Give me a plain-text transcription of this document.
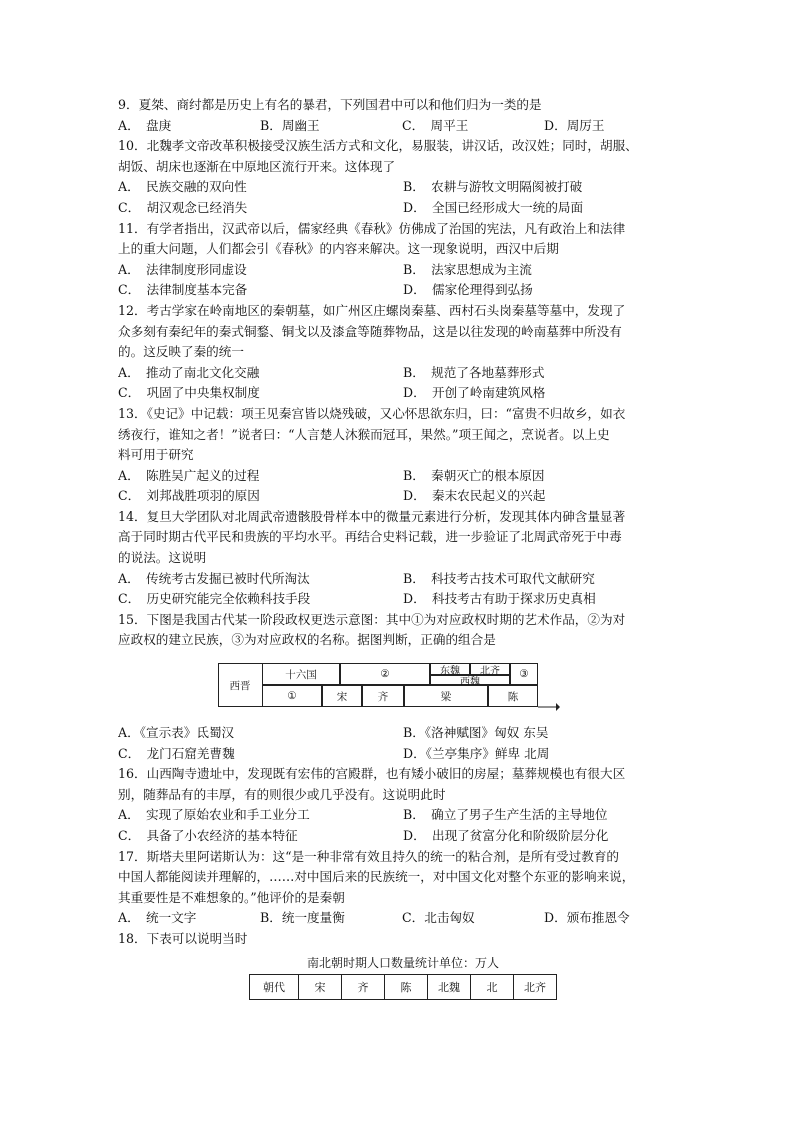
9．夏桀、商纣都是历史上有名的暴君，下列国君中可以和他们归为一类的是
A．　盘庚	B．周幽王	C．　周平王	D．周厉王
10．北魏孝文帝改革积极接受汉族生活方式和文化，易服装，讲汉话，改汉姓；同时，胡服、
胡饭、胡床也逐渐在中原地区流行开来。这体现了
A．　民族交融的双向性	B．　农耕与游牧文明隔阂被打破
C．　胡汉观念已经消失	D．　全国已经形成大一统的局面
11．有学者指出，汉武帝以后，儒家经典《春秋》仿佛成了治国的宪法，凡有政治上和法律
上的重大问题，人们都会引《春秋》的内容来解决。这一现象说明，西汉中后期
A．　法律制度形同虚设	B．　法家思想成为主流
C．　法律制度基本完备	D．　儒家伦理得到弘扬
12．考古学家在岭南地区的秦朝墓，如广州区庄螺岗秦墓、西村石头岗秦墓等墓中，发现了
众多刻有秦纪年的秦式铜鍪、铜戈以及漆盒等随葬物品，这是以往发现的岭南墓葬中所没有
的。这反映了秦的统一
A．　推动了南北文化交融	B．　规范了各地墓葬形式
C．　巩固了中央集权制度	D．　开创了岭南建筑风格
13．《史记》中记载：项王见秦宫皆以烧残破，又心怀思欲东归，曰：“富贵不归故乡，如衣
绣夜行，谁知之者！”说者曰：“人言楚人沐猴而冠耳，果然。”项王闻之，烹说者。以上史
料可用于研究
A．　陈胜吴广起义的过程	B．　秦朝灭亡的根本原因
C．　刘邦战胜项羽的原因	D．　秦末农民起义的兴起
14．复旦大学团队对北周武帝遗骸股骨样本中的微量元素进行分析，发现其体内砷含量显著
高于同时期古代平民和贵族的平均水平。再结合史料记载，进一步验证了北周武帝死于中毒
的说法。这说明
A．　传统考古发掘已被时代所淘汰	B．　科技考古技术可取代文献研究
C．　历史研究能完全依赖科技手段	D．　科技考古有助于探求历史真相
15．下图是我国古代某一阶段政权更迭示意图：其中①为对应政权时期的艺术作品，②为对
应政权的建立民族，③为对应政权的名称。据图判断，正确的组合是
西晋
十六国	②	东魏	北齐	③
西魏
①	宋	齐	梁	陈
A．《宣示表》氐蜀汉	B．《洛神赋图》匈奴 东吴
C．　龙门石窟羌曹魏	D．《兰亭集序》鲜卑 北周
16．山西陶寺遗址中，发现既有宏伟的宫殿群，也有矮小破旧的房屋；墓葬规模也有很大区
别，随葬品有的丰厚，有的则很少或几乎没有。这说明此时
A．　实现了原始农业和手工业分工	B．　确立了男子生产生活的主导地位
C．　具备了小农经济的基本特征	D．　出现了贫富分化和阶级阶层分化
17．斯塔夫里阿诺斯认为：这“是一种非常有效且持久的统一的粘合剂，是所有受过教育的
中国人都能阅读并理解的，……对中国后来的民族统一，对中国文化对整个东亚的影响来说，
其重要性是不难想象的。”他评价的是秦朝
A．　统一文字	B．统一度量衡	C．北击匈奴	D．颁布推恩令
18．下表可以说明当时
南北朝时期人口数量统计单位：万人
朝代	宋	齐	陈	北魏	北	北齐
